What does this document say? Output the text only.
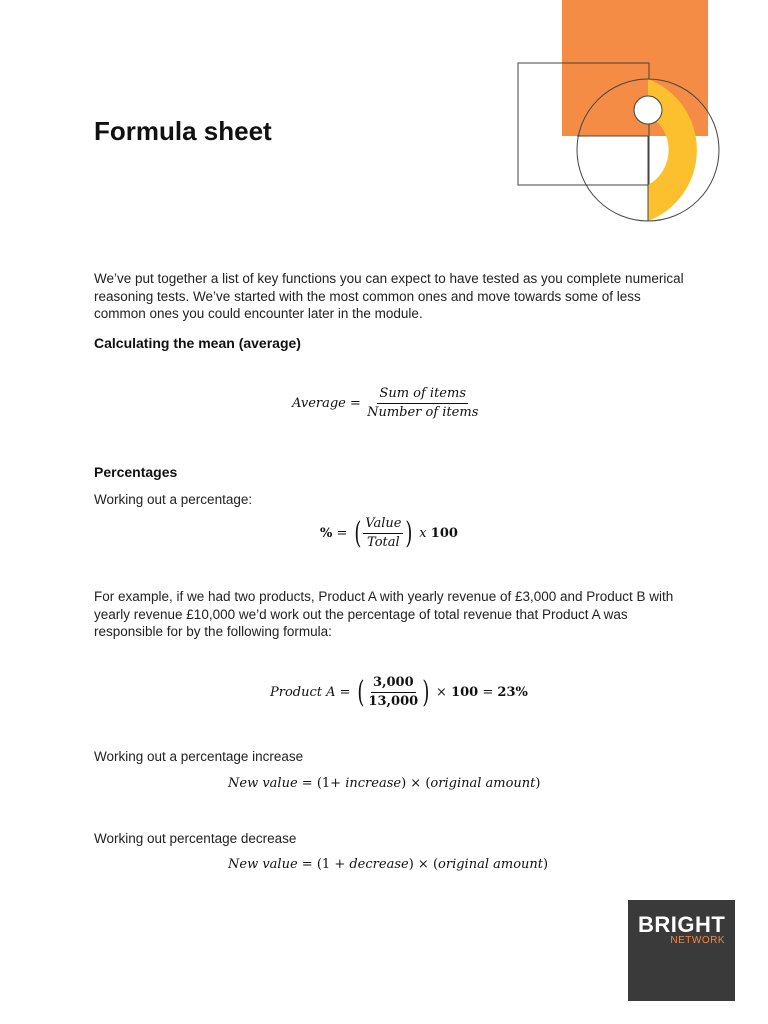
Formula sheet
We’ve put together a list of key functions you can expect to have tested as you complete numerical reasoning tests. We’ve started with the most common ones and move towards some of less common ones you could encounter later in the module.
Calculating the mean (average)
Average = $\frac{\text{Sum of items}}{\text{Number of items}}$
Percentages
Working out a percentage:
% = ( $\frac{\text{Value}}{\text{Total}}$ ) x 100
For example, if we had two products, Product A with yearly revenue of £3,000 and Product B with yearly revenue £10,000 we’d work out the percentage of total revenue that Product A was responsible for by the following formula:
Product A = ( $\frac{3,000}{13,000}$ ) × 100 = 23%
Working out a percentage increase
New value = (1+ increase) × (original amount)
Working out percentage decrease
New value = (1 + decrease) × (original amount)
BRIGHT
NETWORK
